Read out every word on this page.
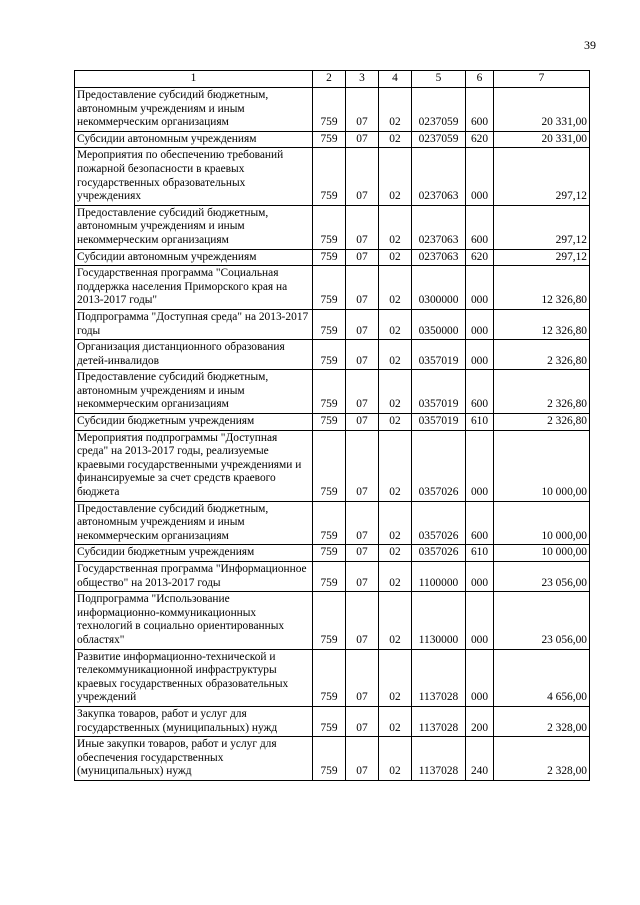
39
1	2	3	4	5	6	7
Предоставление субсидий бюджетным, автономным учреждениям и иным некоммерческим организациям	759	07	02	0237059	600	20 331,00
Субсидии автономным учреждениям	759	07	02	0237059	620	20 331,00
Мероприятия по обеспечению требований пожарной безопасности в краевых государственных образовательных учреждениях	759	07	02	0237063	000	297,12
Предоставление субсидий бюджетным, автономным учреждениям и иным некоммерческим организациям	759	07	02	0237063	600	297,12
Субсидии автономным учреждениям	759	07	02	0237063	620	297,12
Государственная программа "Социальная поддержка населения Приморского края на 2013-2017 годы"	759	07	02	0300000	000	12 326,80
Подпрограмма "Доступная среда" на 2013-2017 годы	759	07	02	0350000	000	12 326,80
Организация дистанционного образования детей-инвалидов	759	07	02	0357019	000	2 326,80
Предоставление субсидий бюджетным, автономным учреждениям и иным некоммерческим организациям	759	07	02	0357019	600	2 326,80
Субсидии бюджетным учреждениям	759	07	02	0357019	610	2 326,80
Мероприятия подпрограммы "Доступная среда" на 2013-2017 годы, реализуемые краевыми государственными учреждениями и финансируемые за счет средств краевого бюджета	759	07	02	0357026	000	10 000,00
Предоставление субсидий бюджетным, автономным учреждениям и иным некоммерческим организациям	759	07	02	0357026	600	10 000,00
Субсидии бюджетным учреждениям	759	07	02	0357026	610	10 000,00
Государственная программа "Информационное общество" на 2013-2017 годы	759	07	02	1100000	000	23 056,00
Подпрограмма "Использование информационно-коммуникационных технологий в социально ориентированных областях"	759	07	02	1130000	000	23 056,00
Развитие информационно-технической и телекоммуникационной инфраструктуры краевых государственных образовательных учреждений	759	07	02	1137028	000	4 656,00
Закупка товаров, работ и услуг для государственных (муниципальных) нужд	759	07	02	1137028	200	2 328,00
Иные закупки товаров, работ и услуг для обеспечения государственных (муниципальных) нужд	759	07	02	1137028	240	2 328,00
